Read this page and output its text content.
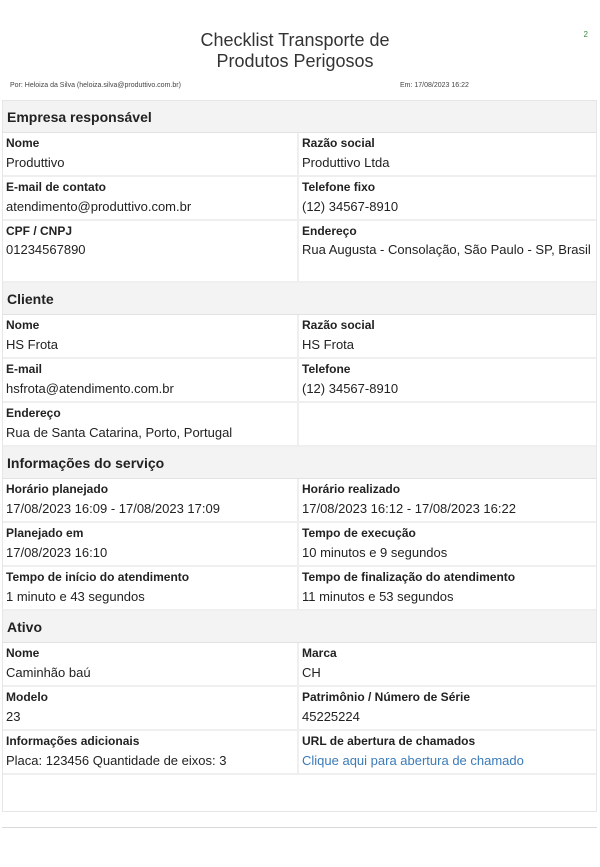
Checklist Transporte de
Produtos Perigosos
2
Por: Heloiza da Silva (heloiza.silva@produttivo.com.br)	Em: 17/08/2023 16:22
Empresa responsável
Nome
Produttivo
Razão social
Produttivo Ltda
E-mail de contato
atendimento@produttivo.com.br
Telefone fixo
(12) 34567-8910
CPF / CNPJ
01234567890
Endereço
Rua Augusta - Consolação, São Paulo - SP, Brasil
Cliente
Nome
HS Frota
Razão social
HS Frota
E-mail
hsfrota@atendimento.com.br
Telefone
(12) 34567-8910
Endereço
Rua de Santa Catarina, Porto, Portugal
Informações do serviço
Horário planejado
17/08/2023 16:09 - 17/08/2023 17:09
Horário realizado
17/08/2023 16:12 - 17/08/2023 16:22
Planejado em
17/08/2023 16:10
Tempo de execução
10 minutos e 9 segundos
Tempo de início do atendimento
1 minuto e 43 segundos
Tempo de finalização do atendimento
11 minutos e 53 segundos
Ativo
Nome
Caminhão baú
Marca
CH
Modelo
23
Patrimônio / Número de Série
45225224
Informações adicionais
Placa: 123456 Quantidade de eixos: 3
URL de abertura de chamados
Clique aqui para abertura de chamado
